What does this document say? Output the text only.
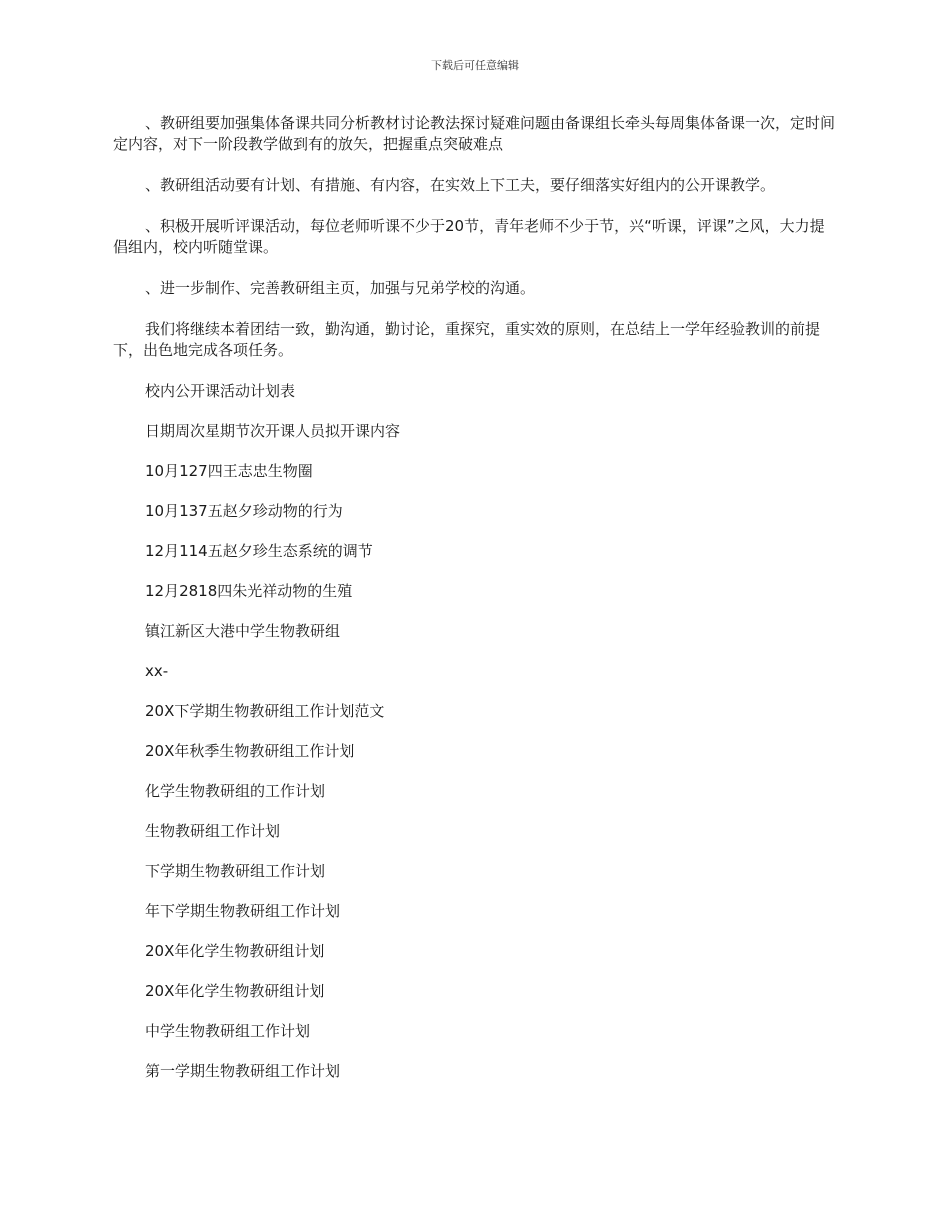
下载后可任意编辑

、教研组要加强集体备课共同分析教材讨论教法探讨疑难问题由备课组长牵头每周集体备课一次，定时间定内容，对下一阶段教学做到有的放矢，把握重点突破难点

、教研组活动要有计划、有措施、有内容，在实效上下工夫，要仔细落实好组内的公开课教学。

、积极开展听评课活动，每位老师听课不少于20节，青年老师不少于节，兴“听课，评课”之风，大力提倡组内，校内听随堂课。

、进一步制作、完善教研组主页，加强与兄弟学校的沟通。

我们将继续本着团结一致，勤沟通，勤讨论，重探究，重实效的原则，在总结上一学年经验教训的前提下，出色地完成各项任务。

校内公开课活动计划表
日期周次星期节次开课人员拟开课内容
10月127四王志忠生物圈
10月137五赵夕珍动物的行为
12月114五赵夕珍生态系统的调节
12月2818四朱光祥动物的生殖
镇江新区大港中学生物教研组
xx-
20X下学期生物教研组工作计划范文
20X年秋季生物教研组工作计划
化学生物教研组的工作计划
生物教研组工作计划
下学期生物教研组工作计划
年下学期生物教研组工作计划
20X年化学生物教研组计划
20X年化学生物教研组计划
中学生物教研组工作计划
第一学期生物教研组工作计划
